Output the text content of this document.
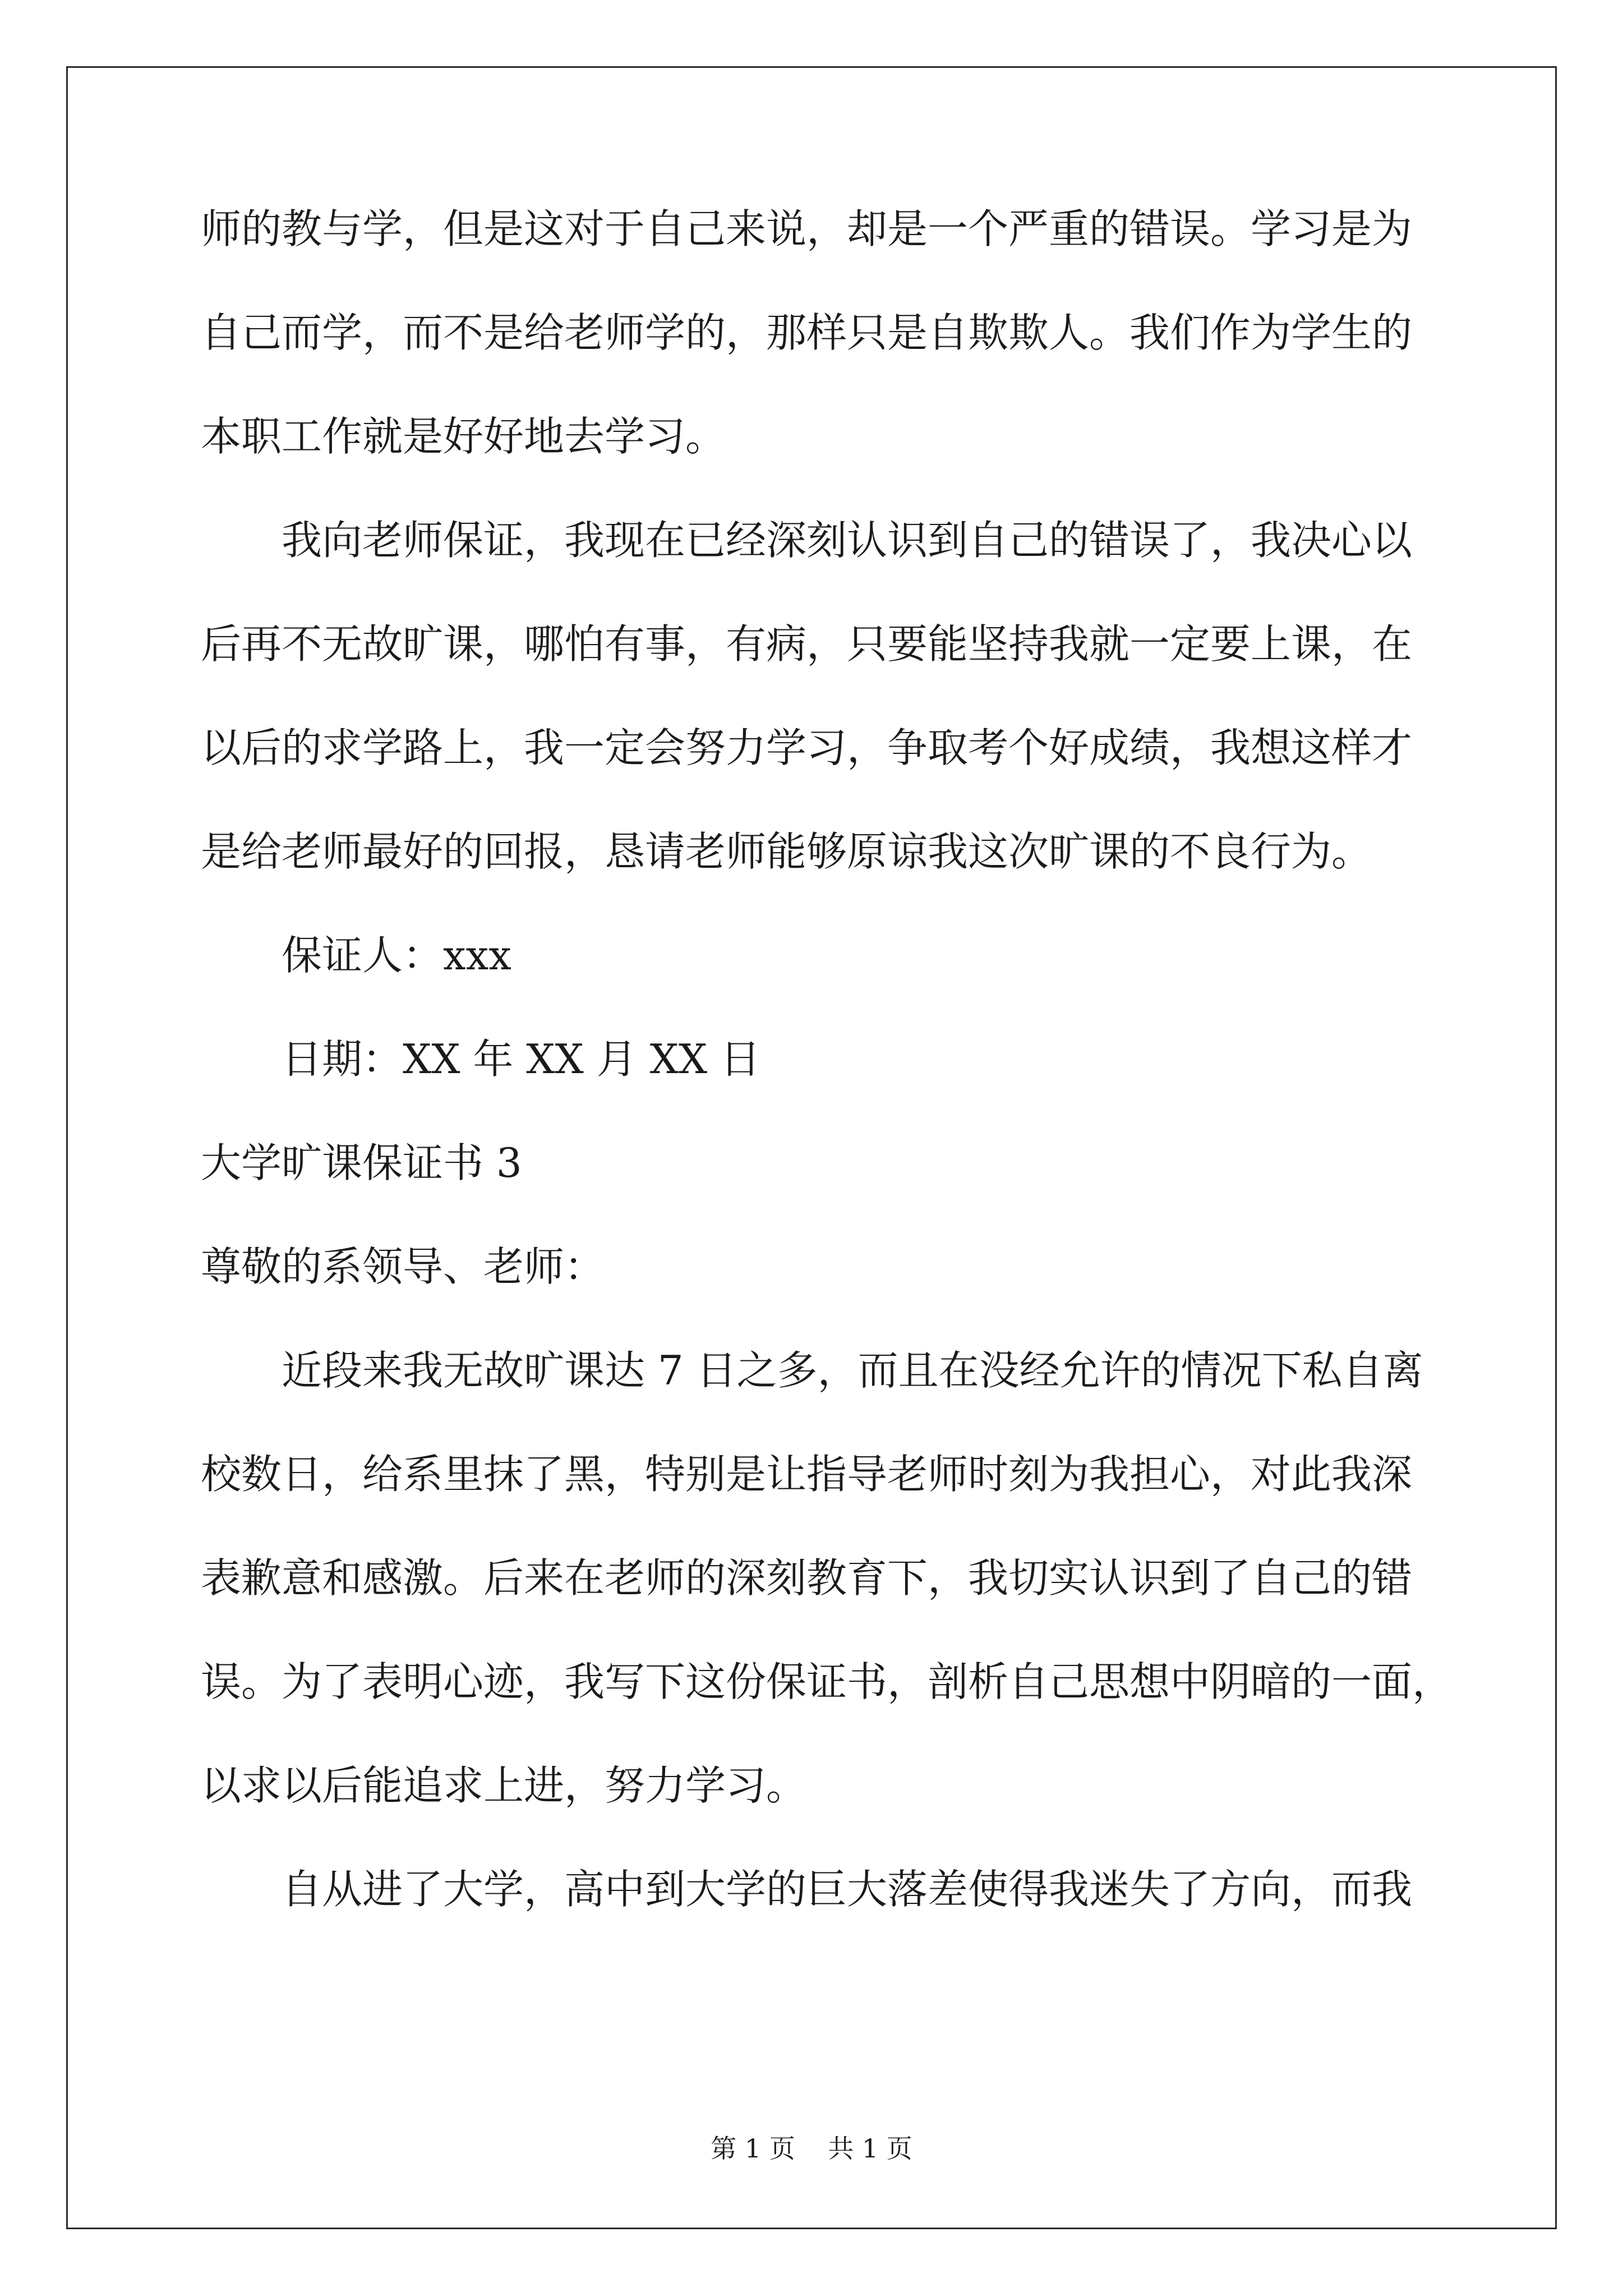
师的教与学，但是这对于自己来说，却是一个严重的错误。学习是为
自己而学，而不是给老师学的，那样只是自欺欺人。我们作为学生的
本职工作就是好好地去学习。
我向老师保证，我现在已经深刻认识到自己的错误了，我决心以
后再不无故旷课，哪怕有事，有病，只要能坚持我就一定要上课，在
以后的求学路上，我一定会努力学习，争取考个好成绩，我想这样才
是给老师最好的回报，恳请老师能够原谅我这次旷课的不良行为。
保证人：xxx
日期：XX 年 XX 月 XX 日
大学旷课保证书 3
尊敬的系领导、老师：
近段来我无故旷课达 7 日之多，而且在没经允许的情况下私自离
校数日，给系里抹了黑，特别是让指导老师时刻为我担心，对此我深
表歉意和感激。后来在老师的深刻教育下，我切实认识到了自己的错
误。为了表明心迹，我写下这份保证书，剖析自己思想中阴暗的一面，
以求以后能追求上进，努力学习。
自从进了大学，高中到大学的巨大落差使得我迷失了方向，而我
第 1 页    共 1 页
